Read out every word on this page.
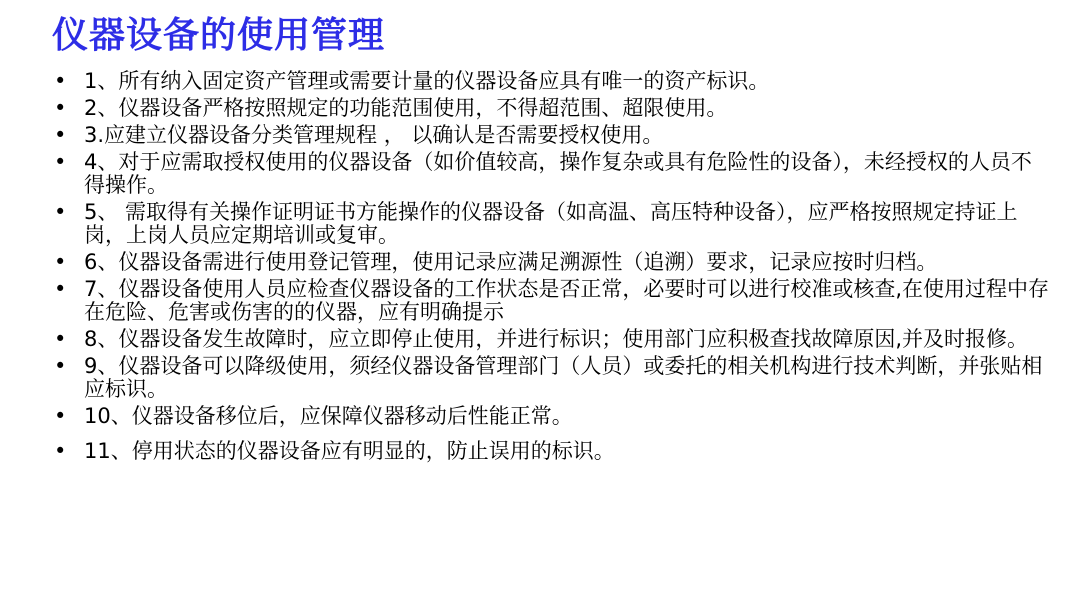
仪器设备的使用管理
• 1、所有纳入固定资产管理或需要计量的仪器设备应具有唯一的资产标识。
• 2、仪器设备严格按照规定的功能范围使用，不得超范围、超限使用。
• 3.应建立仪器设备分类管理规程 ， 以确认是否需要授权使用。
• 4、对于应需取授权使用的仪器设备（如价值较高，操作复杂或具有危险性的设备），未经授权的人员不得操作。
• 5、 需取得有关操作证明证书方能操作的仪器设备（如高温、高压特种设备），应严格按照规定持证上岗，上岗人员应定期培训或复审。
• 6、仪器设备需进行使用登记管理，使用记录应满足溯源性（追溯）要求，记录应按时归档。
• 7、仪器设备使用人员应检查仪器设备的工作状态是否正常，必要时可以进行校准或核查,在使用过程中存在危险、危害或伤害的的仪器，应有明确提示
• 8、仪器设备发生故障时，应立即停止使用，并进行标识；使用部门应积极查找故障原因,并及时报修。
• 9、仪器设备可以降级使用，须经仪器设备管理部门（人员）或委托的相关机构进行技术判断，并张贴相应标识。
• 10、仪器设备移位后，应保障仪器移动后性能正常。
• 11、停用状态的仪器设备应有明显的，防止误用的标识。
